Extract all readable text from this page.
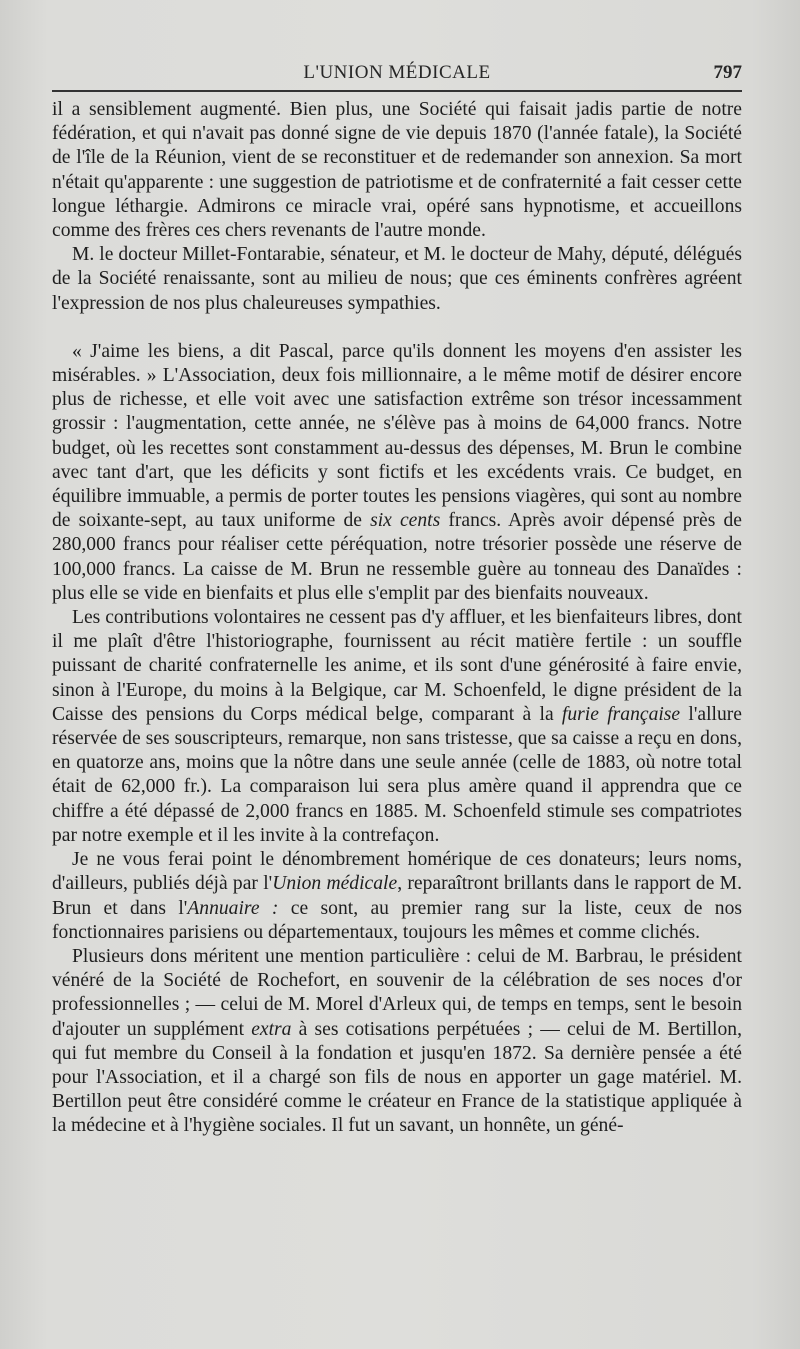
L'UNION MÉDICALE	797

il a sensiblement augmenté. Bien plus, une Société qui faisait jadis partie de notre fédération, et qui n'avait pas donné signe de vie depuis 1870 (l'année fatale), la Société de l'île de la Réunion, vient de se reconstituer et de redemander son annexion. Sa mort n'était qu'apparente : une suggestion de patriotisme et de confraternité a fait cesser cette longue léthargie. Admirons ce miracle vrai, opéré sans hypnotisme, et accueillons comme des frères ces chers revenants de l'autre monde.

M. le docteur Millet-Fontarabie, sénateur, et M. le docteur de Mahy, député, délégués de la Société renaissante, sont au milieu de nous; que ces éminents confrères agréent l'expression de nos plus chaleureuses sympathies.

« J'aime les biens, a dit Pascal, parce qu'ils donnent les moyens d'en assister les misérables. » L'Association, deux fois millionnaire, a le même motif de désirer encore plus de richesse, et elle voit avec une satisfaction extrême son trésor incessamment grossir : l'augmentation, cette année, ne s'élève pas à moins de 64,000 francs. Notre budget, où les recettes sont constamment au-dessus des dépenses, M. Brun le combine avec tant d'art, que les déficits y sont fictifs et les excédents vrais. Ce budget, en équilibre immuable, a permis de porter toutes les pensions viagères, qui sont au nombre de soixante-sept, au taux uniforme de six cents francs. Après avoir dépensé près de 280,000 francs pour réaliser cette péréquation, notre trésorier possède une réserve de 100,000 francs. La caisse de M. Brun ne ressemble guère au tonneau des Danaïdes : plus elle se vide en bienfaits et plus elle s'emplit par des bienfaits nouveaux.

Les contributions volontaires ne cessent pas d'y affluer, et les bienfaiteurs libres, dont il me plaît d'être l'historiographe, fournissent au récit matière fertile : un souffle puissant de charité confraternelle les anime, et ils sont d'une générosité à faire envie, sinon à l'Europe, du moins à la Belgique, car M. Schoenfeld, le digne président de la Caisse des pensions du Corps médical belge, comparant à la furie française l'allure réservée de ses souscripteurs, remarque, non sans tristesse, que sa caisse a reçu en dons, en quatorze ans, moins que la nôtre dans une seule année (celle de 1883, où notre total était de 62,000 fr.). La comparaison lui sera plus amère quand il apprendra que ce chiffre a été dépassé de 2,000 francs en 1885. M. Schoenfeld stimule ses compatriotes par notre exemple et il les invite à la contrefaçon.

Je ne vous ferai point le dénombrement homérique de ces donateurs; leurs noms, d'ailleurs, publiés déjà par l'Union médicale, reparaîtront brillants dans le rapport de M. Brun et dans l'Annuaire : ce sont, au premier rang sur la liste, ceux de nos fonctionnaires parisiens ou départementaux, toujours les mêmes et comme clichés.

Plusieurs dons méritent une mention particulière : celui de M. Barbrau, le président vénéré de la Société de Rochefort, en souvenir de la célébration de ses noces d'or professionnelles ; — celui de M. Morel d'Arleux qui, de temps en temps, sent le besoin d'ajouter un supplément extra à ses cotisations perpétuées ; — celui de M. Bertillon, qui fut membre du Conseil à la fondation et jusqu'en 1872. Sa dernière pensée a été pour l'Association, et il a chargé son fils de nous en apporter un gage matériel. M. Bertillon peut être considéré comme le créateur en France de la statistique appliquée à la médecine et à l'hygiène sociales. Il fut un savant, un honnête, un géné-
